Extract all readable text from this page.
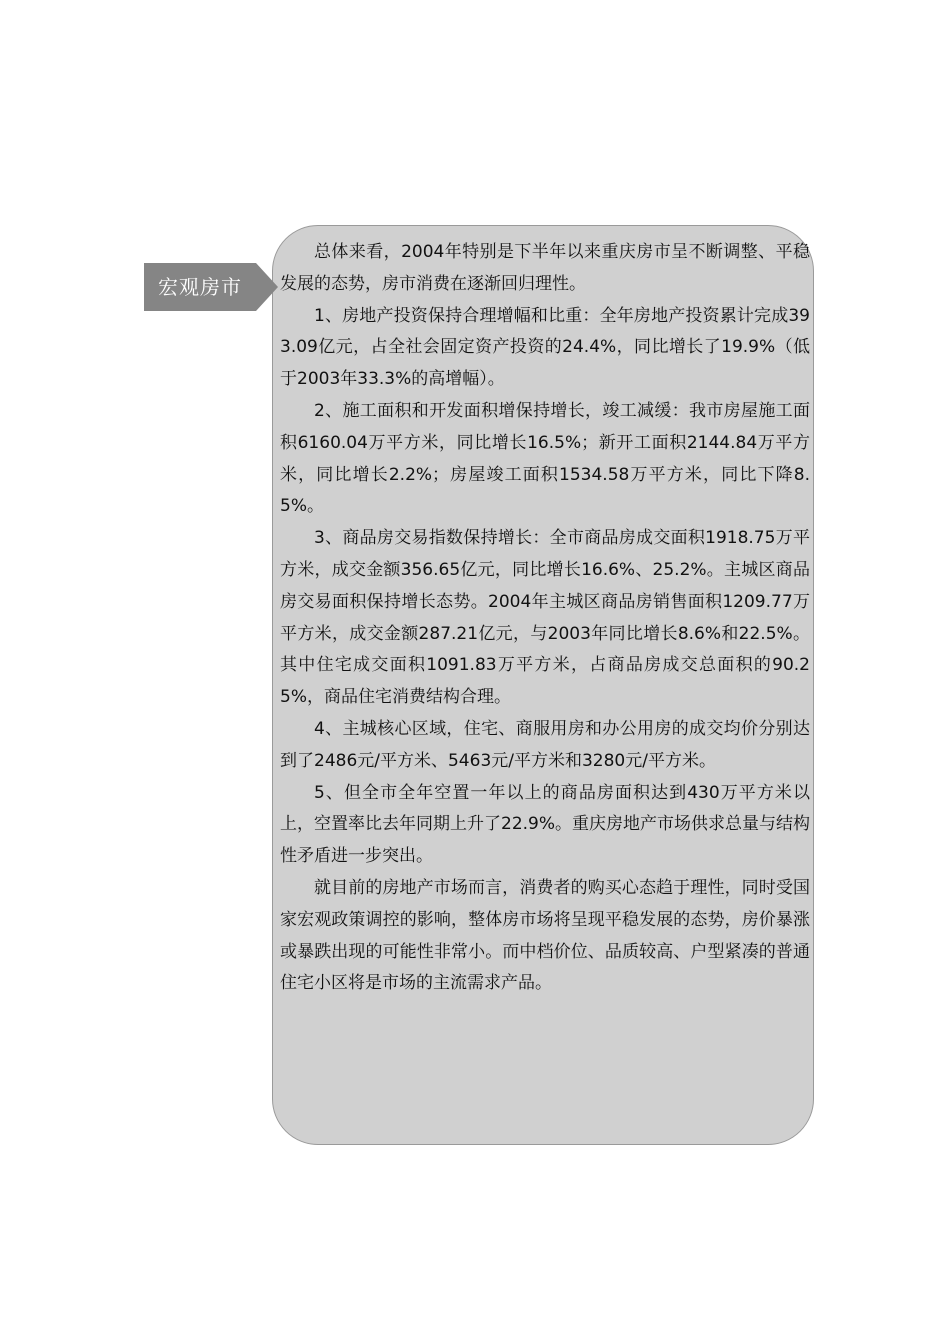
宏观房市

总体来看，2004年特别是下半年以来重庆房市呈不断调整、平稳发展的态势，房市消费在逐渐回归理性。

1、房地产投资保持合理增幅和比重：全年房地产投资累计完成393.09亿元，占全社会固定资产投资的24.4%，同比增长了19.9%（低于2003年33.3%的高增幅）。

2、施工面积和开发面积增保持增长，竣工减缓：我市房屋施工面积6160.04万平方米，同比增长16.5%；新开工面积2144.84万平方米，同比增长2.2%；房屋竣工面积1534.58万平方米，同比下降8.5%。

3、商品房交易指数保持增长：全市商品房成交面积1918.75万平方米，成交金额356.65亿元，同比增长16.6%、25.2%。主城区商品房交易面积保持增长态势。2004年主城区商品房销售面积1209.77万平方米，成交金额287.21亿元，与2003年同比增长8.6%和22.5%。其中住宅成交面积1091.83万平方米，占商品房成交总面积的90.25%，商品住宅消费结构合理。

4、主城核心区域，住宅、商服用房和办公用房的成交均价分别达到了2486元/平方米、5463元/平方米和3280元/平方米。

5、但全市全年空置一年以上的商品房面积达到430万平方米以上，空置率比去年同期上升了22.9%。重庆房地产市场供求总量与结构性矛盾进一步突出。

就目前的房地产市场而言，消费者的购买心态趋于理性，同时受国家宏观政策调控的影响，整体房市场将呈现平稳发展的态势，房价暴涨或暴跌出现的可能性非常小。而中档价位、品质较高、户型紧凑的普通住宅小区将是市场的主流需求产品。
